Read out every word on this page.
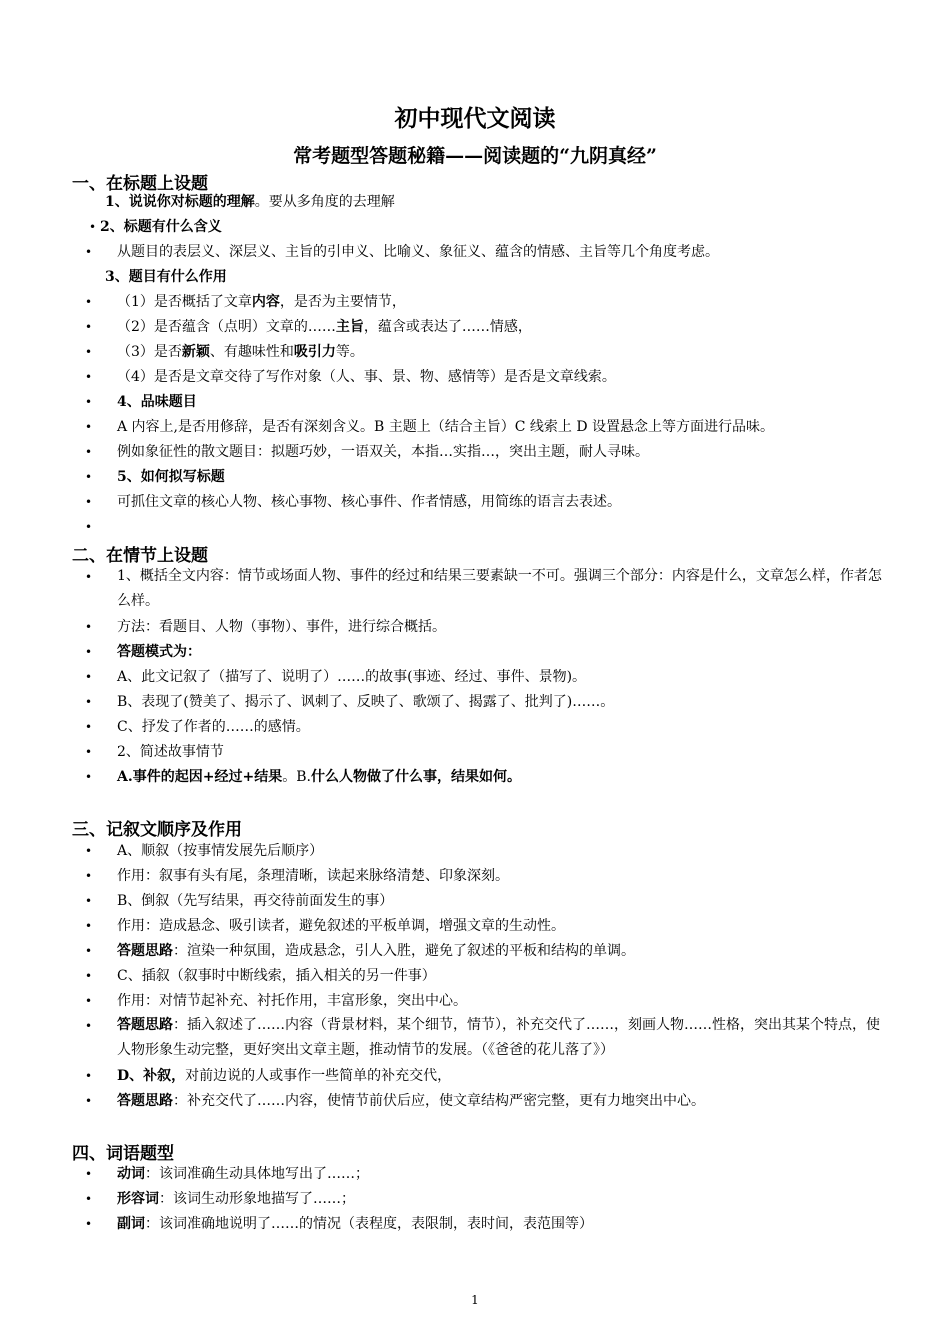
初中现代文阅读
常考题型答题秘籍——阅读题的“九阴真经”
一、在标题上设题
1、说说你对标题的理解。要从多角度的去理解
• 2、标题有什么含义
• 从题目的表层义、深层义、主旨的引申义、比喻义、象征义、蕴含的情感、主旨等几个角度考虑。
3、题目有什么作用
• （1）是否概括了文章内容，是否为主要情节，
• （2）是否蕴含（点明）文章的……主旨，蕴含或表达了……情感，
• （3）是否新颖、有趣味性和吸引力等。
• （4）是否是文章交待了写作对象（人、事、景、物、感情等）是否是文章线索。
• 4、品味题目
• A 内容上,是否用修辞，是否有深刻含义。B 主题上（结合主旨）C 线索上 D 设置悬念上等方面进行品味。
• 例如象征性的散文题目：拟题巧妙，一语双关，本指…实指…，突出主题，耐人寻味。
• 5、如何拟写标题
• 可抓住文章的核心人物、核心事物、核心事件、作者情感，用简练的语言去表述。
•
二、在情节上设题
• 1、概括全文内容：情节或场面人物、事件的经过和结果三要素缺一不可。强调三个部分：内容是什么，文章怎么样，作者怎么样。
• 方法：看题目、人物（事物）、事件，进行综合概括。
• 答题模式为：
• A、此文记叙了（描写了、说明了）……的故事(事迹、经过、事件、景物)。
• B、表现了(赞美了、揭示了、讽刺了、反映了、歌颂了、揭露了、批判了)……。
• C、抒发了作者的……的感情。
• 2、简述故事情节
• A.事件的起因+经过+结果。B.什么人物做了什么事，结果如何。
三、记叙文顺序及作用
• A、顺叙（按事情发展先后顺序）
• 作用：叙事有头有尾，条理清晰，读起来脉络清楚、印象深刻。
• B、倒叙（先写结果，再交待前面发生的事）
• 作用：造成悬念、吸引读者，避免叙述的平板单调，增强文章的生动性。
• 答题思路：渲染一种氛围，造成悬念，引人入胜，避免了叙述的平板和结构的单调。
• C、插叙（叙事时中断线索，插入相关的另一件事）
• 作用：对情节起补充、衬托作用，丰富形象，突出中心。
• 答题思路：插入叙述了……内容（背景材料，某个细节，情节），补充交代了……，刻画人物……性格，突出其某个特点，使人物形象生动完整，更好突出文章主题，推动情节的发展。（《爸爸的花儿落了》）
• D、补叙，对前边说的人或事作一些简单的补充交代，
• 答题思路：补充交代了……内容，使情节前伏后应，使文章结构严密完整，更有力地突出中心。
四、词语题型
• 动词：该词准确生动具体地写出了……；
• 形容词：该词生动形象地描写了……；
• 副词：该词准确地说明了……的情况（表程度，表限制，表时间，表范围等）
1
